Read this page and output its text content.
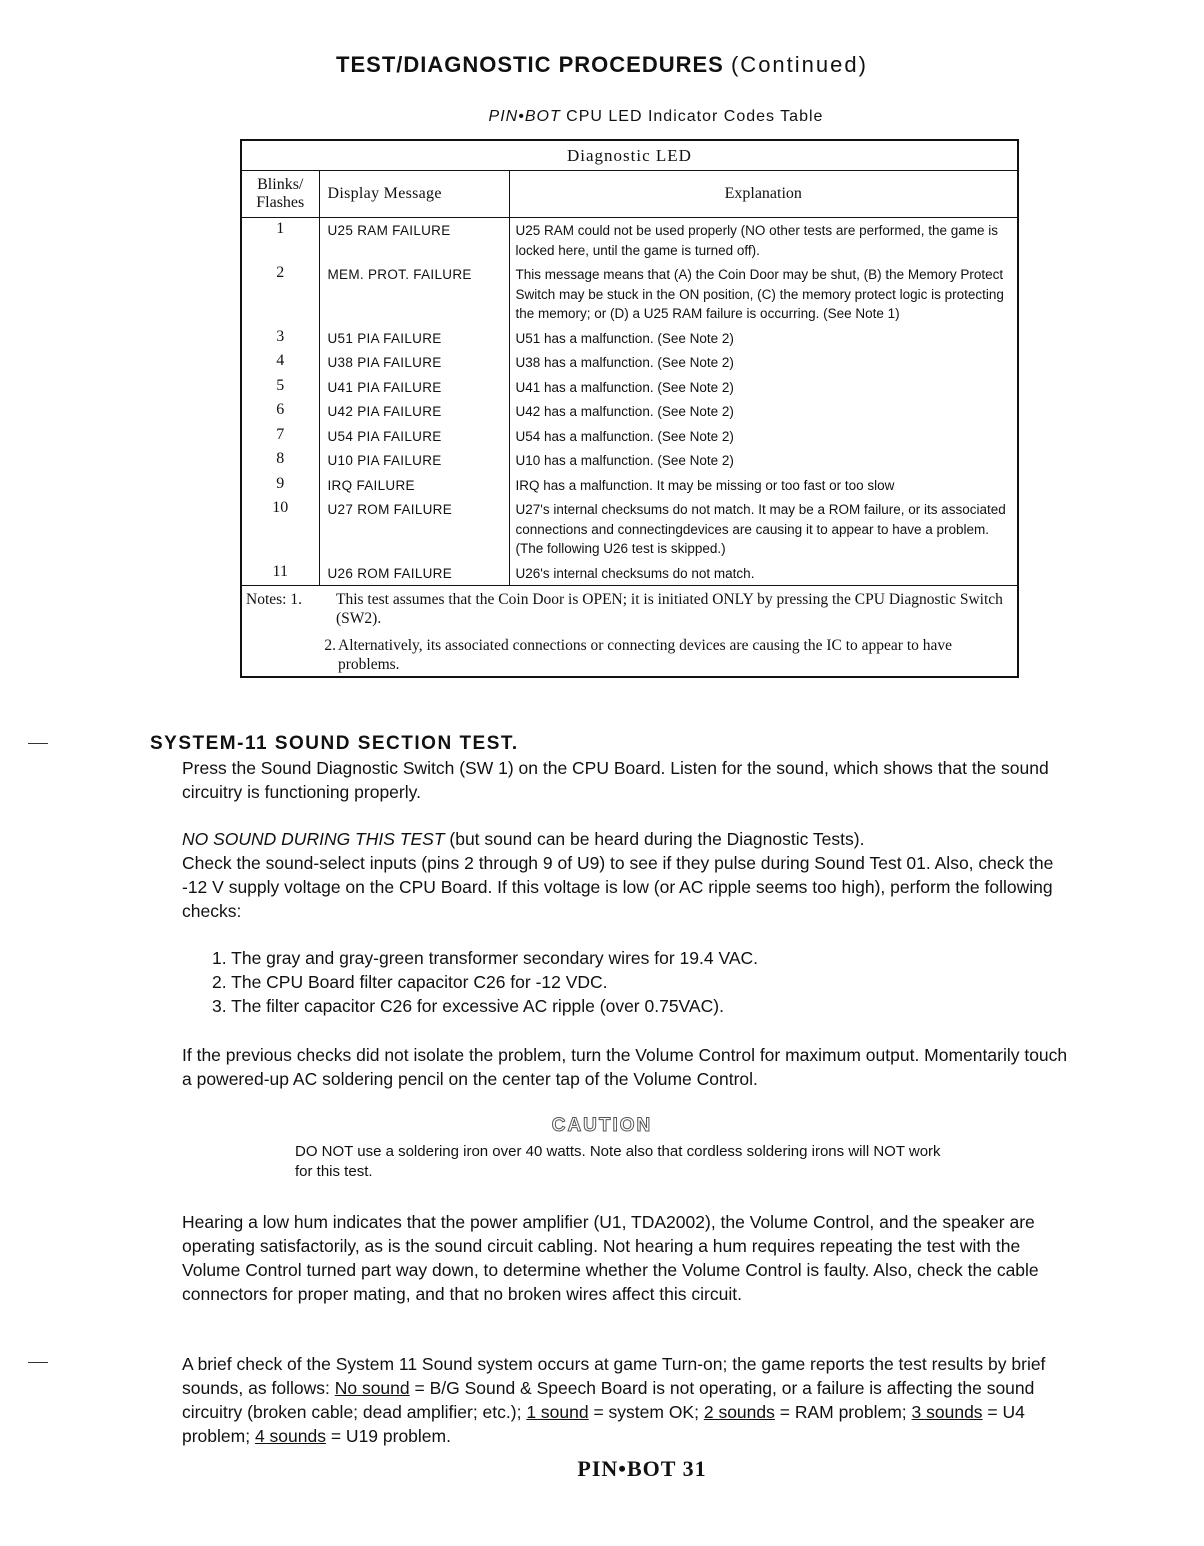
TEST/DIAGNOSTIC PROCEDURES (Continued)
PIN•BOT CPU LED Indicator Codes Table
Diagnostic LED		
Blinks/
Flashes	Display Message	Explanation
1	U25 RAM FAILURE	U25 RAM could not be used properly (NO other tests are performed, the game is locked here, until the game is turned off).
2	MEM. PROT. FAILURE	This message means that (A) the Coin Door may be shut, (B) the Memory Protect Switch may be stuck in the ON position, (C) the memory protect logic is protecting the memory; or (D) a U25 RAM failure is occurring. (See Note 1)
3	U51 PIA FAILURE	U51 has a malfunction. (See Note 2)
4	U38 PIA FAILURE	U38 has a malfunction. (See Note 2)
5	U41 PIA FAILURE	U41 has a malfunction. (See Note 2)
6	U42 PIA FAILURE	U42 has a malfunction. (See Note 2)
7	U54 PIA FAILURE	U54 has a malfunction. (See Note 2)
8	U10 PIA FAILURE	U10 has a malfunction. (See Note 2)
9	IRQ FAILURE	IRQ has a malfunction. It may be missing or too fast or too slow
10	U27 ROM FAILURE	U27's internal checksums do not match. It may be a ROM failure, or its associated connections and connectingdevices are causing it to appear to have a problem. (The following U26 test is skipped.)
11	U26 ROM FAILURE	U26's internal checksums do not match.

Notes: 1. This test assumes that the Coin Door is OPEN; it is initiated ONLY by pressing the CPU Diagnostic Switch (SW2).
2. Alternatively, its associated connections or connecting devices are causing the IC to appear to have problems.		
SYSTEM-11 SOUND SECTION TEST.
Press the Sound Diagnostic Switch (SW 1) on the CPU Board. Listen for the sound, which shows that the sound circuitry is functioning properly.
NO SOUND DURING THIS TEST (but sound can be heard during the Diagnostic Tests).
Check the sound-select inputs (pins 2 through 9 of U9) to see if they pulse during Sound Test 01. Also, check the -12 V supply voltage on the CPU Board. If this voltage is low (or AC ripple seems too high), perform the following checks:
1. The gray and gray-green transformer secondary wires for 19.4 VAC.
2. The CPU Board filter capacitor C26 for -12 VDC.
3. The filter capacitor C26 for excessive AC ripple (over 0.75VAC).
If the previous checks did not isolate the problem, turn the Volume Control for maximum output. Momentarily touch a powered-up AC soldering pencil on the center tap of the Volume Control.
CAUTION
DO NOT use a soldering iron over 40 watts. Note also that cordless soldering irons will NOT work for this test.
Hearing a low hum indicates that the power amplifier (U1, TDA2002), the Volume Control, and the speaker are operating satisfactorily, as is the sound circuit cabling. Not hearing a hum requires repeating the test with the Volume Control turned part way down, to determine whether the Volume Control is faulty. Also, check the cable connectors for proper mating, and that no broken wires affect this circuit.
A brief check of the System 11 Sound system occurs at game Turn-on; the game reports the test results by brief sounds, as follows: No sound = B/G Sound & Speech Board is not operating, or a failure is affecting the sound circuitry (broken cable; dead amplifier; etc.); 1 sound = system OK; 2 sounds = RAM problem; 3 sounds = U4 problem; 4 sounds = U19 problem.
PIN•BOT 31
